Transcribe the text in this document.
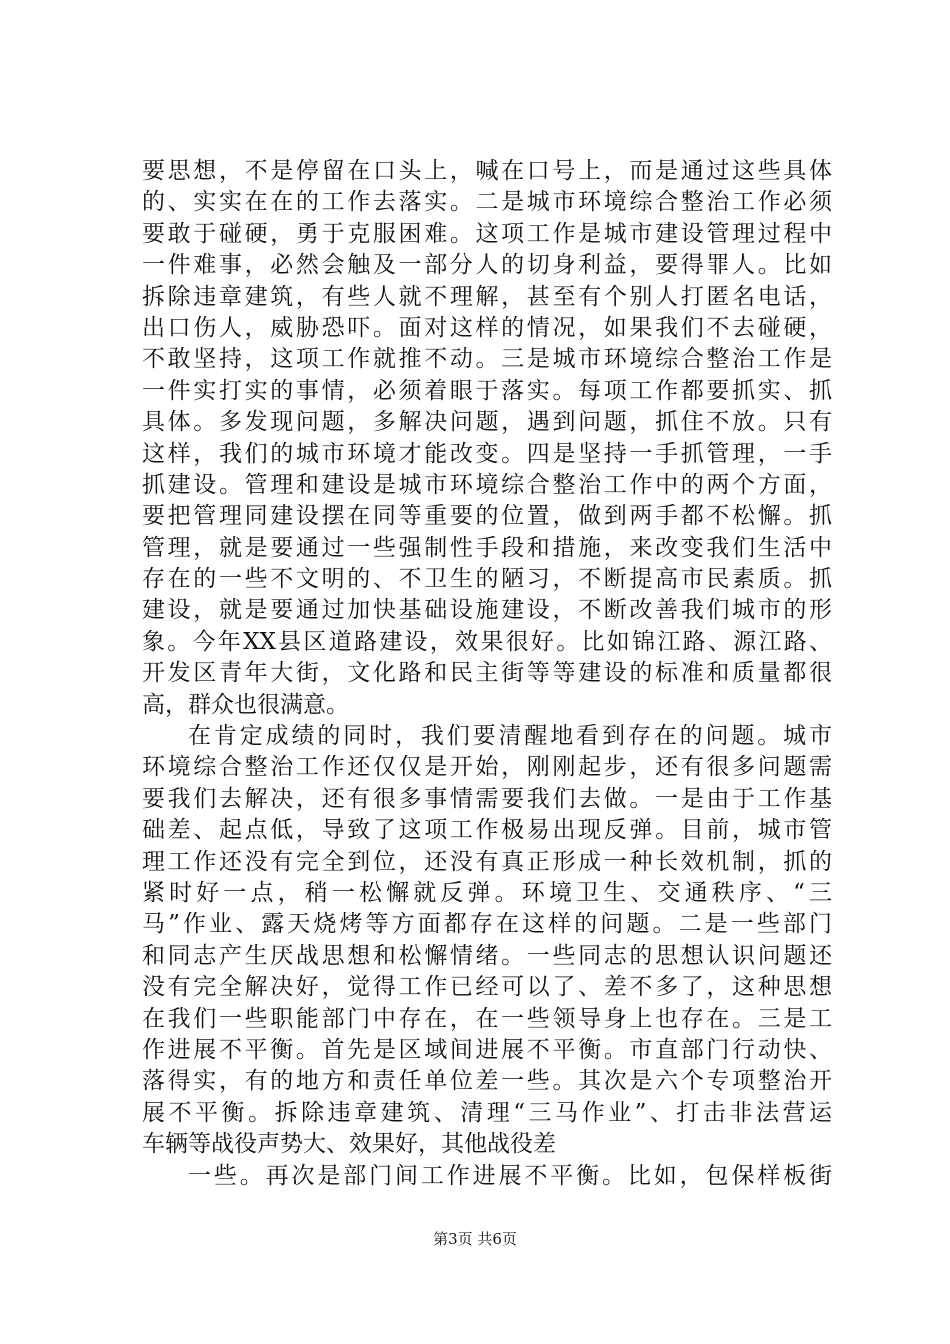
要思想，不是停留在口头上，喊在口号上，而是通过这些具体
的、实实在在的工作去落实。二是城市环境综合整治工作必须
要敢于碰硬，勇于克服困难。这项工作是城市建设管理过程中
一件难事，必然会触及一部分人的切身利益，要得罪人。比如
拆除违章建筑，有些人就不理解，甚至有个别人打匿名电话，
出口伤人，威胁恐吓。面对这样的情况，如果我们不去碰硬，
不敢坚持，这项工作就推不动。三是城市环境综合整治工作是
一件实打实的事情，必须着眼于落实。每项工作都要抓实、抓
具体。多发现问题，多解决问题，遇到问题，抓住不放。只有
这样，我们的城市环境才能改变。四是坚持一手抓管理，一手
抓建设。管理和建设是城市环境综合整治工作中的两个方面，
要把管理同建设摆在同等重要的位置，做到两手都不松懈。抓
管理，就是要通过一些强制性手段和措施，来改变我们生活中
存在的一些不文明的、不卫生的陋习，不断提高市民素质。抓
建设，就是要通过加快基础设施建设，不断改善我们城市的形
象。今年XX县区道路建设，效果很好。比如锦江路、源江路、
开发区青年大街，文化路和民主街等等建设的标准和质量都很
高，群众也很满意。
在肯定成绩的同时，我们要清醒地看到存在的问题。城市
环境综合整治工作还仅仅是开始，刚刚起步，还有很多问题需
要我们去解决，还有很多事情需要我们去做。一是由于工作基
础差、起点低，导致了这项工作极易出现反弹。目前，城市管
理工作还没有完全到位，还没有真正形成一种长效机制，抓的
紧时好一点，稍一松懈就反弹。环境卫生、交通秩序、“三
马”作业、露天烧烤等方面都存在这样的问题。二是一些部门
和同志产生厌战思想和松懈情绪。一些同志的思想认识问题还
没有完全解决好，觉得工作已经可以了、差不多了，这种思想
在我们一些职能部门中存在，在一些领导身上也存在。三是工
作进展不平衡。首先是区域间进展不平衡。市直部门行动快、
落得实，有的地方和责任单位差一些。其次是六个专项整治开
展不平衡。拆除违章建筑、清理“三马作业”、打击非法营运
车辆等战役声势大、效果好，其他战役差
一些。再次是部门间工作进展不平衡。比如，包保样板街
第3页 共6页
